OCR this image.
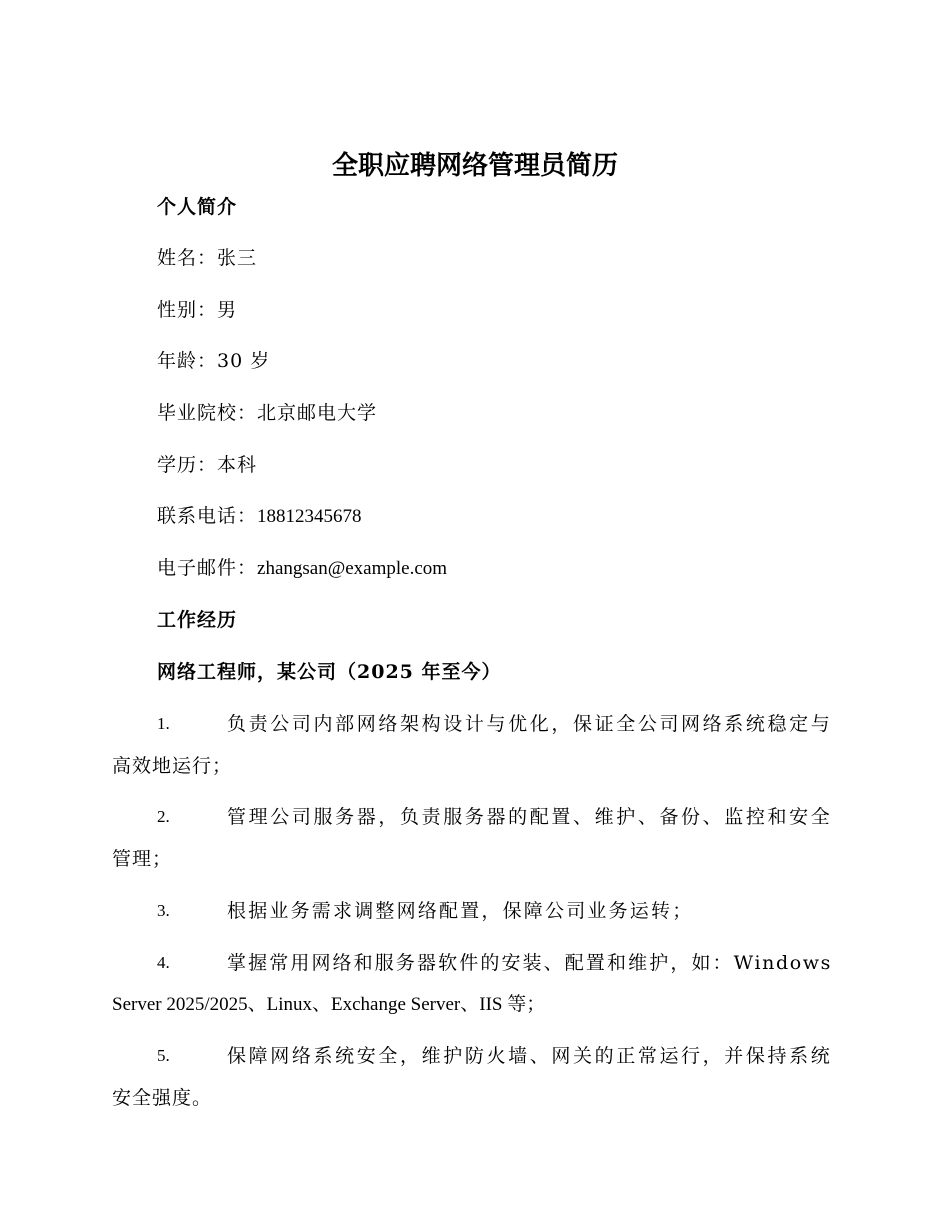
全职应聘网络管理员简历
个人简介
姓名：张三
性别：男
年龄：30 岁
毕业院校：北京邮电大学
学历：本科
联系电话：18812345678
电子邮件：zhangsan@example.com
工作经历
网络工程师，某公司（2025 年至今）
1.	负责公司内部网络架构设计与优化，保证全公司网络系统稳定与
高效地运行；
2.	管理公司服务器，负责服务器的配置、维护、备份、监控和安全
管理；
3.	根据业务需求调整网络配置，保障公司业务运转；
4.	掌握常用网络和服务器软件的安装、配置和维护，如：Windows
Server 2025/2025、Linux、Exchange Server、IIS 等；
5.	保障网络系统安全，维护防火墙、网关的正常运行，并保持系统
安全强度。
